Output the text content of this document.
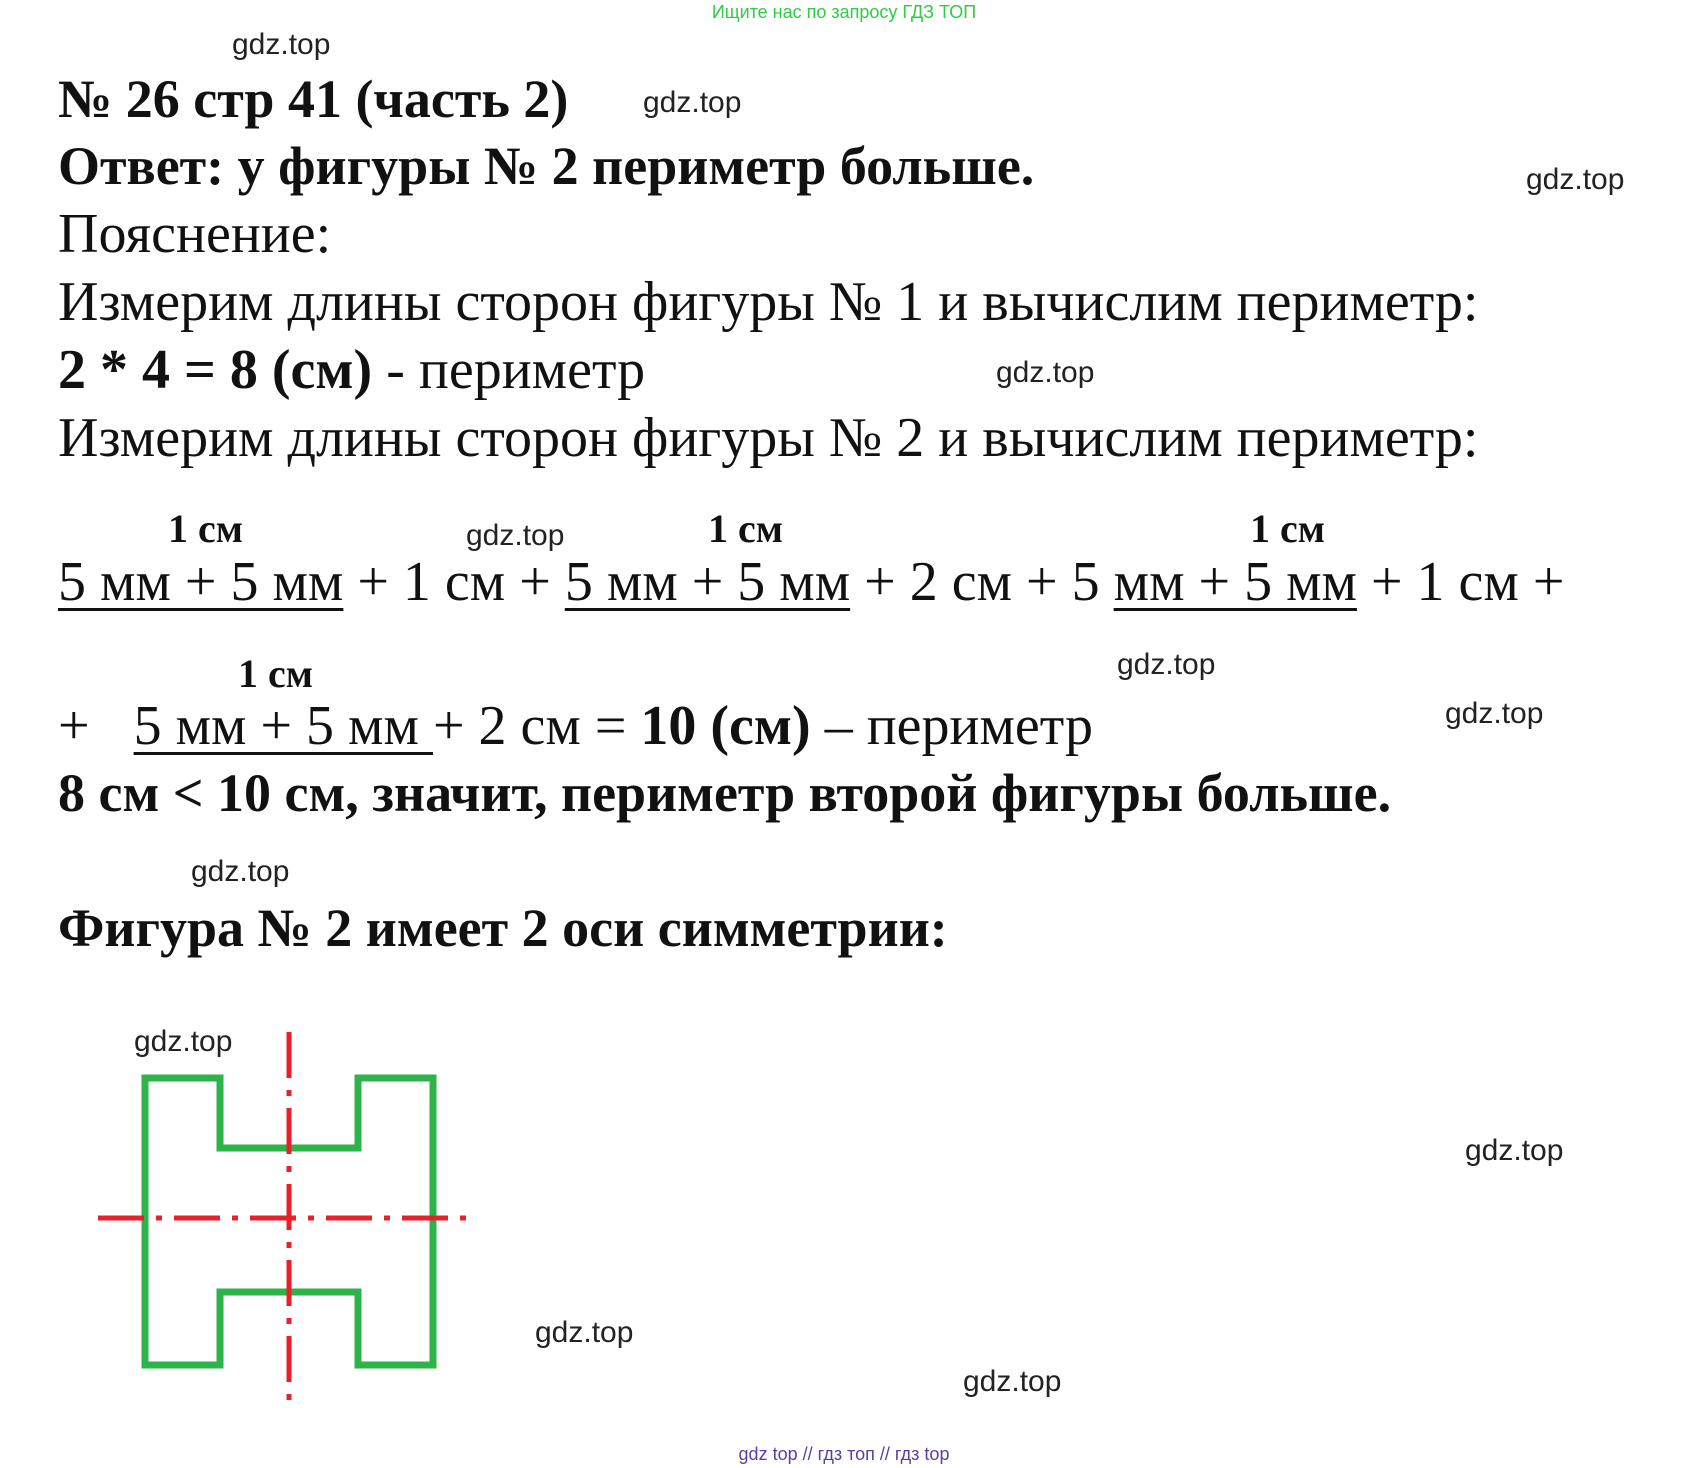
Ищите нас по запросу ГДЗ ТОП
gdz.top
gdz.top
gdz.top
gdz.top
gdz.top
gdz.top
gdz.top
gdz.top
gdz.top
gdz.top
gdz.top
gdz.top
№ 26 стр 41 (часть 2)
Ответ: у фигуры № 2 периметр больше.
Пояснение:
Измерим длины сторон фигуры № 1 и вычислим периметр:
2 * 4 = 8 (см) - периметр
Измерим длины сторон фигуры № 2 и вычислим периметр:
1 см	1 см	1 см
5 мм + 5 мм + 1 см + 5 мм + 5 мм + 2 см + 5 мм + 5 мм + 1 см +
1 см
+ 5 мм + 5 мм + 2 см = 10 (см) – периметр
8 см < 10 см, значит, периметр второй фигуры больше.
Фигура № 2 имеет 2 оси симметрии:
gdz top // гдз топ // гдз top
